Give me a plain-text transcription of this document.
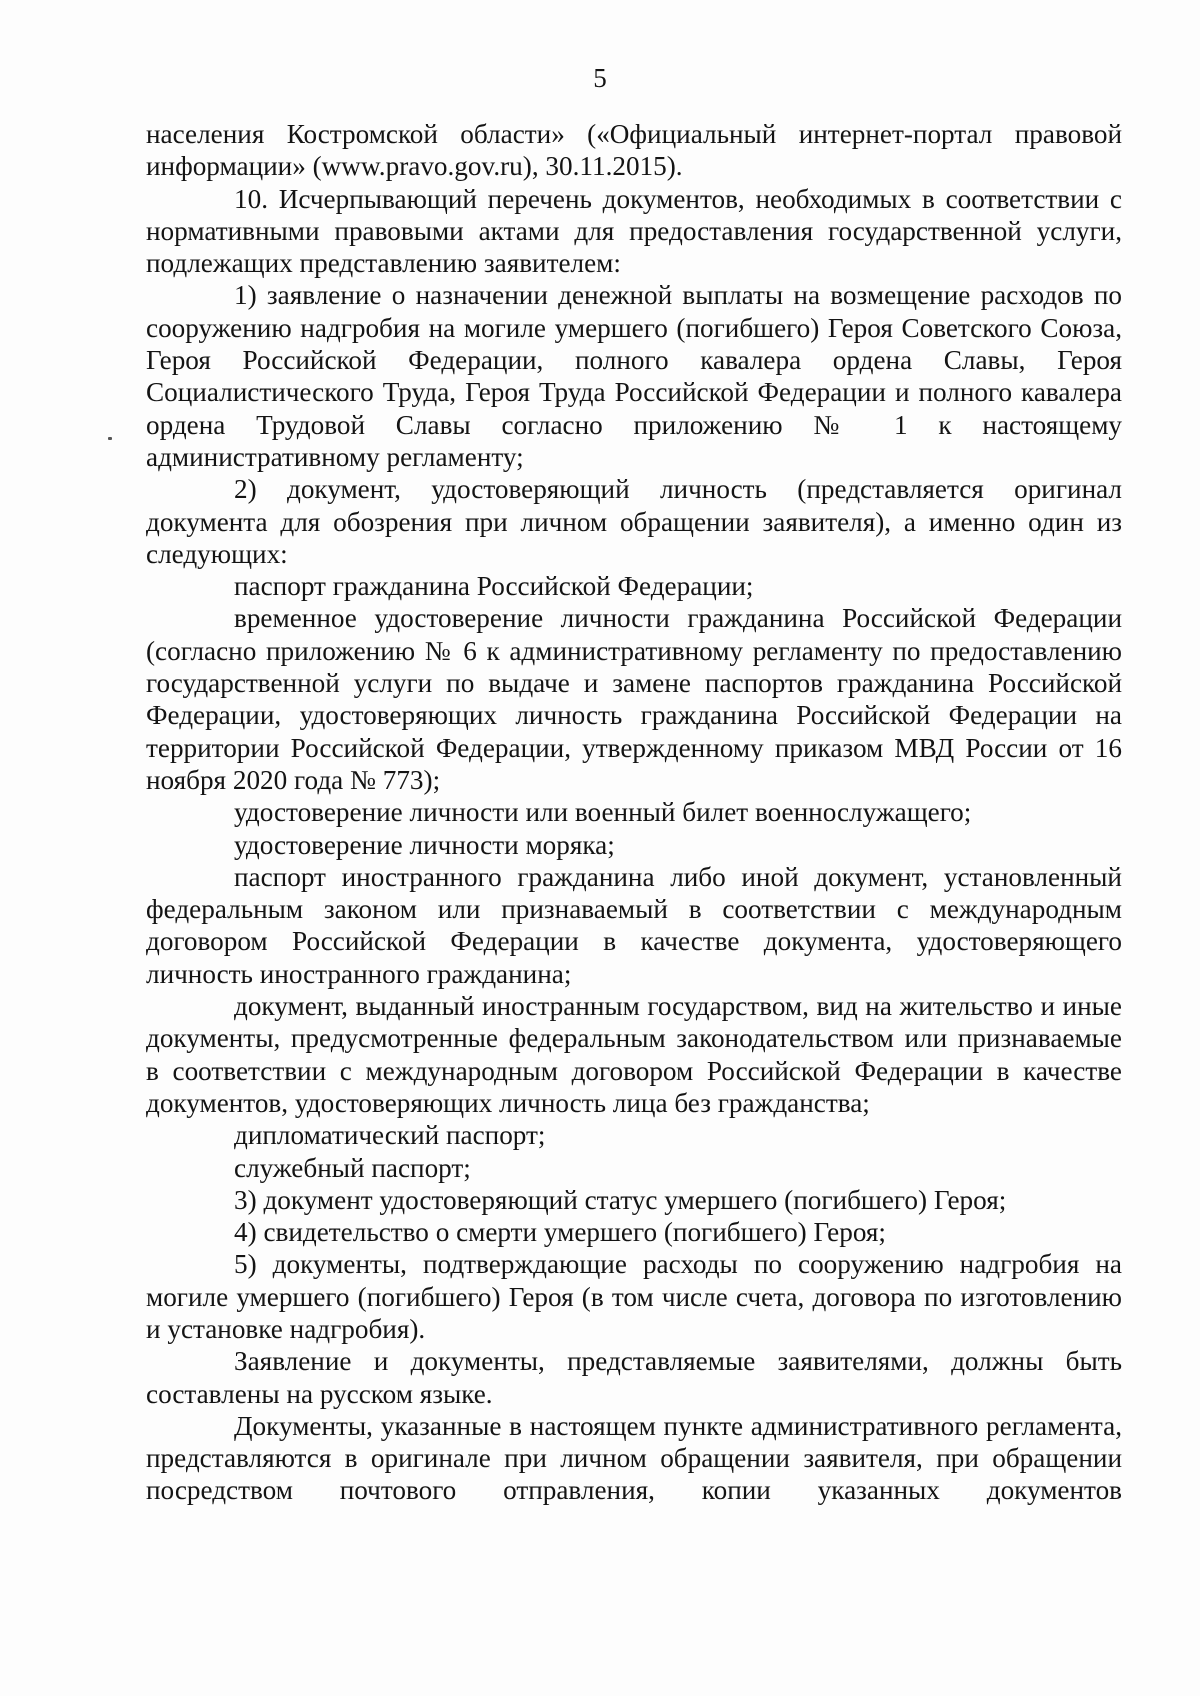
5

населения Костромской области» («Официальный интернет-портал правовой информации» (www.pravo.gov.ru), 30.11.2015).

10. Исчерпывающий перечень документов, необходимых в соответствии с нормативными правовыми актами для предоставления государственной услуги, подлежащих представлению заявителем:

1) заявление о назначении денежной выплаты на возмещение расходов по сооружению надгробия на могиле умершего (погибшего) Героя Советского Союза, Героя Российской Федерации, полного кавалера ордена Славы, Героя Социалистического Труда, Героя Труда Российской Федерации и полного кавалера ордена Трудовой Славы согласно приложению № 1 к настоящему административному регламенту;

2) документ, удостоверяющий личность (представляется оригинал документа для обозрения при личном обращении заявителя), а именно один из следующих:

паспорт гражданина Российской Федерации;

временное удостоверение личности гражданина Российской Федерации (согласно приложению № 6 к административному регламенту по предоставлению государственной услуги по выдаче и замене паспортов гражданина Российской Федерации, удостоверяющих личность гражданина Российской Федерации на территории Российской Федерации, утвержденному приказом МВД России от 16 ноября 2020 года № 773);

удостоверение личности или военный билет военнослужащего;

удостоверение личности моряка;

паспорт иностранного гражданина либо иной документ, установленный федеральным законом или признаваемый в соответствии с международным договором Российской Федерации в качестве документа, удостоверяющего личность иностранного гражданина;

документ, выданный иностранным государством, вид на жительство и иные документы, предусмотренные федеральным законодательством или признаваемые в соответствии с международным договором Российской Федерации в качестве документов, удостоверяющих личность лица без гражданства;

дипломатический паспорт;

служебный паспорт;

3) документ удостоверяющий статус умершего (погибшего) Героя;

4) свидетельство о смерти умершего (погибшего) Героя;

5) документы, подтверждающие расходы по сооружению надгробия на могиле умершего (погибшего) Героя (в том числе счета, договора по изготовлению и установке надгробия).

Заявление и документы, представляемые заявителями, должны быть составлены на русском языке.

Документы, указанные в настоящем пункте административного регламента, представляются в оригинале при личном обращении заявителя, при обращении посредством почтового отправления, копии указанных документов
